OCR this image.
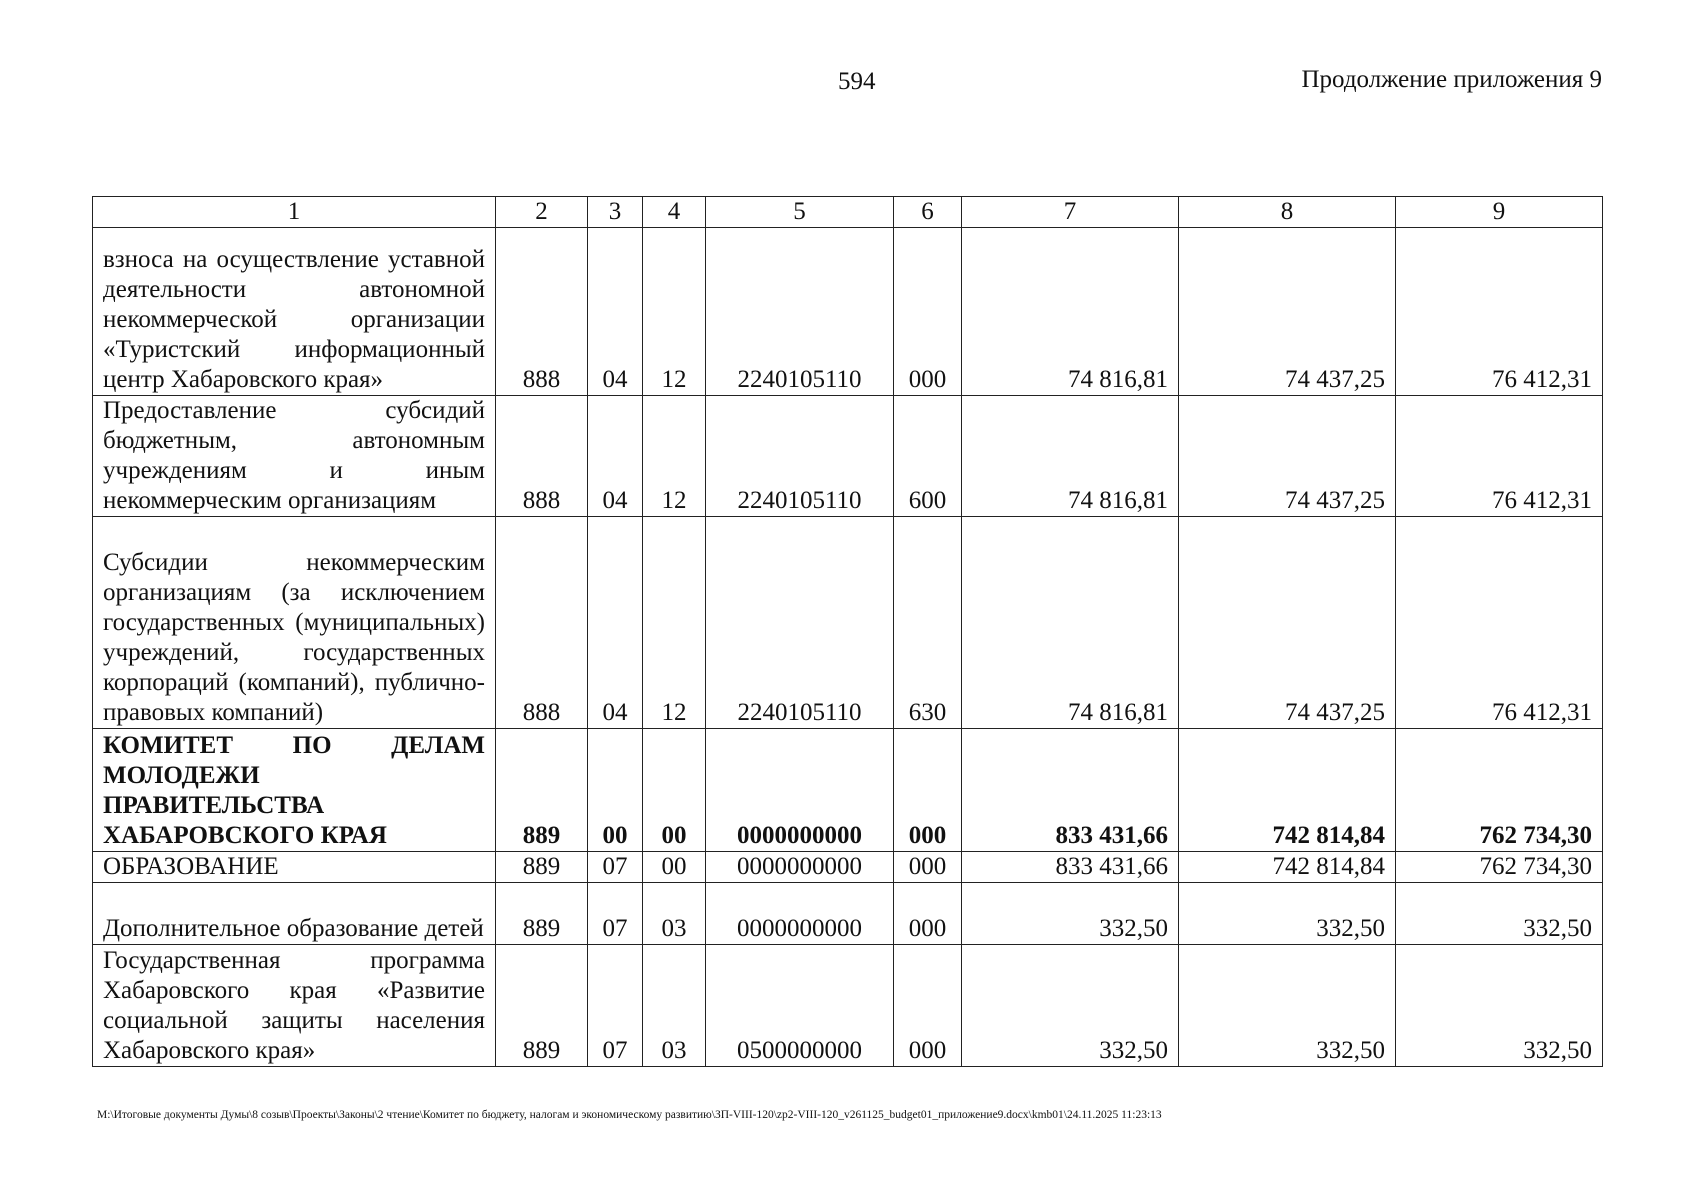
594	Продолжение приложения 9
1	2	3	4	5	6	7	8	9
взноса на осуществление уставной деятельности автономной некоммерческой организации «Туристский информационный центр Хабаровского края»	888	04	12	2240105110	000	74 816,81	74 437,25	76 412,31
Предоставление субсидий бюджетным, автономным учреждениям и иным некоммерческим организациям	888	04	12	2240105110	600	74 816,81	74 437,25	76 412,31
Субсидии некоммерческим организациям (за исключением государственных (муниципальных) учреждений, государственных корпораций (компаний), публично-правовых компаний)	888	04	12	2240105110	630	74 816,81	74 437,25	76 412,31
КОМИТЕТ ПО ДЕЛАМ МОЛОДЕЖИ ПРАВИТЕЛЬСТВА ХАБАРОВСКОГО КРАЯ	889	00	00	0000000000	000	833 431,66	742 814,84	762 734,30
ОБРАЗОВАНИЕ	889	07	00	0000000000	000	833 431,66	742 814,84	762 734,30
Дополнительное образование детей	889	07	03	0000000000	000	332,50	332,50	332,50
Государственная программа Хабаровского края «Развитие социальной защиты населения Хабаровского края»	889	07	03	0500000000	000	332,50	332,50	332,50
М:\Итоговые документы Думы\8 созыв\Проекты\Законы\2 чтение\Комитет по бюджету, налогам и экономическому развитию\ЗП-VIII-120\zp2-VIII-120_v261125_budget01_приложение9.docx\kmb01\24.11.2025 11:23:13
